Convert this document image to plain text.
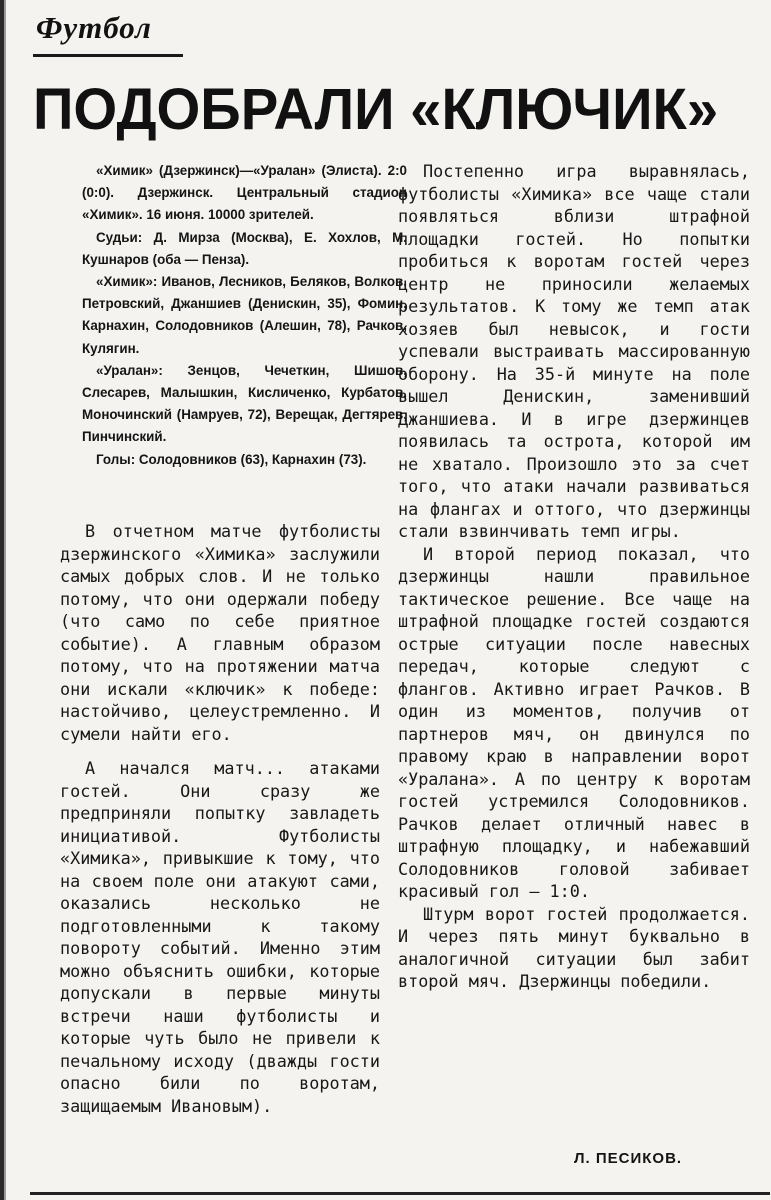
Футбол
ПОДОБРАЛИ «КЛЮЧИК»

«Химик» (Дзержинск)—«Уралан» (Элиста). 2:0 (0:0). Дзержинск. Центральный стадион «Химик». 16 июня. 10000 зрителей.

Судьи: Д. Мирза (Москва), Е. Хохлов, М. Кушнаров (оба — Пенза).

«Химик»: Иванов, Лесников, Беляков, Волков, Петровский, Джаншиев (Денискин, 35), Фомин, Карнахин, Солодовников (Алешин, 78), Рачков, Кулягин.

«Уралан»: Зенцов, Чечеткин, Шишов, Слесарев, Малышкин, Кисличенко, Курбатов, Моночинский (Намруев, 72), Верещак, Дегтярев, Пинчинский.

Голы: Солодовников (63), Карнахин (73).

В отчетном матче футболисты дзержинского «Химика» заслужили самых добрых слов. И не только потому, что они одержали победу (что само по себе приятное событие). А главным образом потому, что на протяжении матча они искали «ключик» к победе: настойчиво, целеустремленно. И сумели найти его.

А начался матч... атаками гостей. Они сразу же предприняли попытку завладеть инициативой. Футболисты «Химика», привыкшие к тому, что на своем поле они атакуют сами, оказались несколько не подготовленными к такому повороту событий. Именно этим можно объяснить ошибки, которые допускали в первые минуты встречи наши футболисты и которые чуть было не привели к печальному исходу (дважды гости опасно били по воротам, защищаемым Ивановым).

Постепенно игра выравнялась, футболисты «Химика» все чаще стали появляться вблизи штрафной площадки гостей. Но попытки пробиться к воротам гостей через центр не приносили желаемых результатов. К тому же темп атак хозяев был невысок, и гости успевали выстраивать массированную оборону. На 35-й минуте на поле вышел Денискин, заменивший Джаншиева. И в игре дзержинцев появилась та острота, которой им не хватало. Произошло это за счет того, что атаки начали развиваться на флангах и оттого, что дзержинцы стали взвинчивать темп игры.

И второй период показал, что дзержинцы нашли правильное тактическое решение. Все чаще на штрафной площадке гостей создаются острые ситуации после навесных передач, которые следуют с флангов. Активно играет Рачков. В один из моментов, получив от партнеров мяч, он двинулся по правому краю в направлении ворот «Уралана». А по центру к воротам гостей устремился Солодовников. Рачков делает отличный навес в штрафную площадку, и набежавший Солодовников головой забивает красивый гол — 1:0.

Штурм ворот гостей продолжается. И через пять минут буквально в аналогичной ситуации был забит второй мяч. Дзержинцы победили.

Л. ПЕСИКОВ.
